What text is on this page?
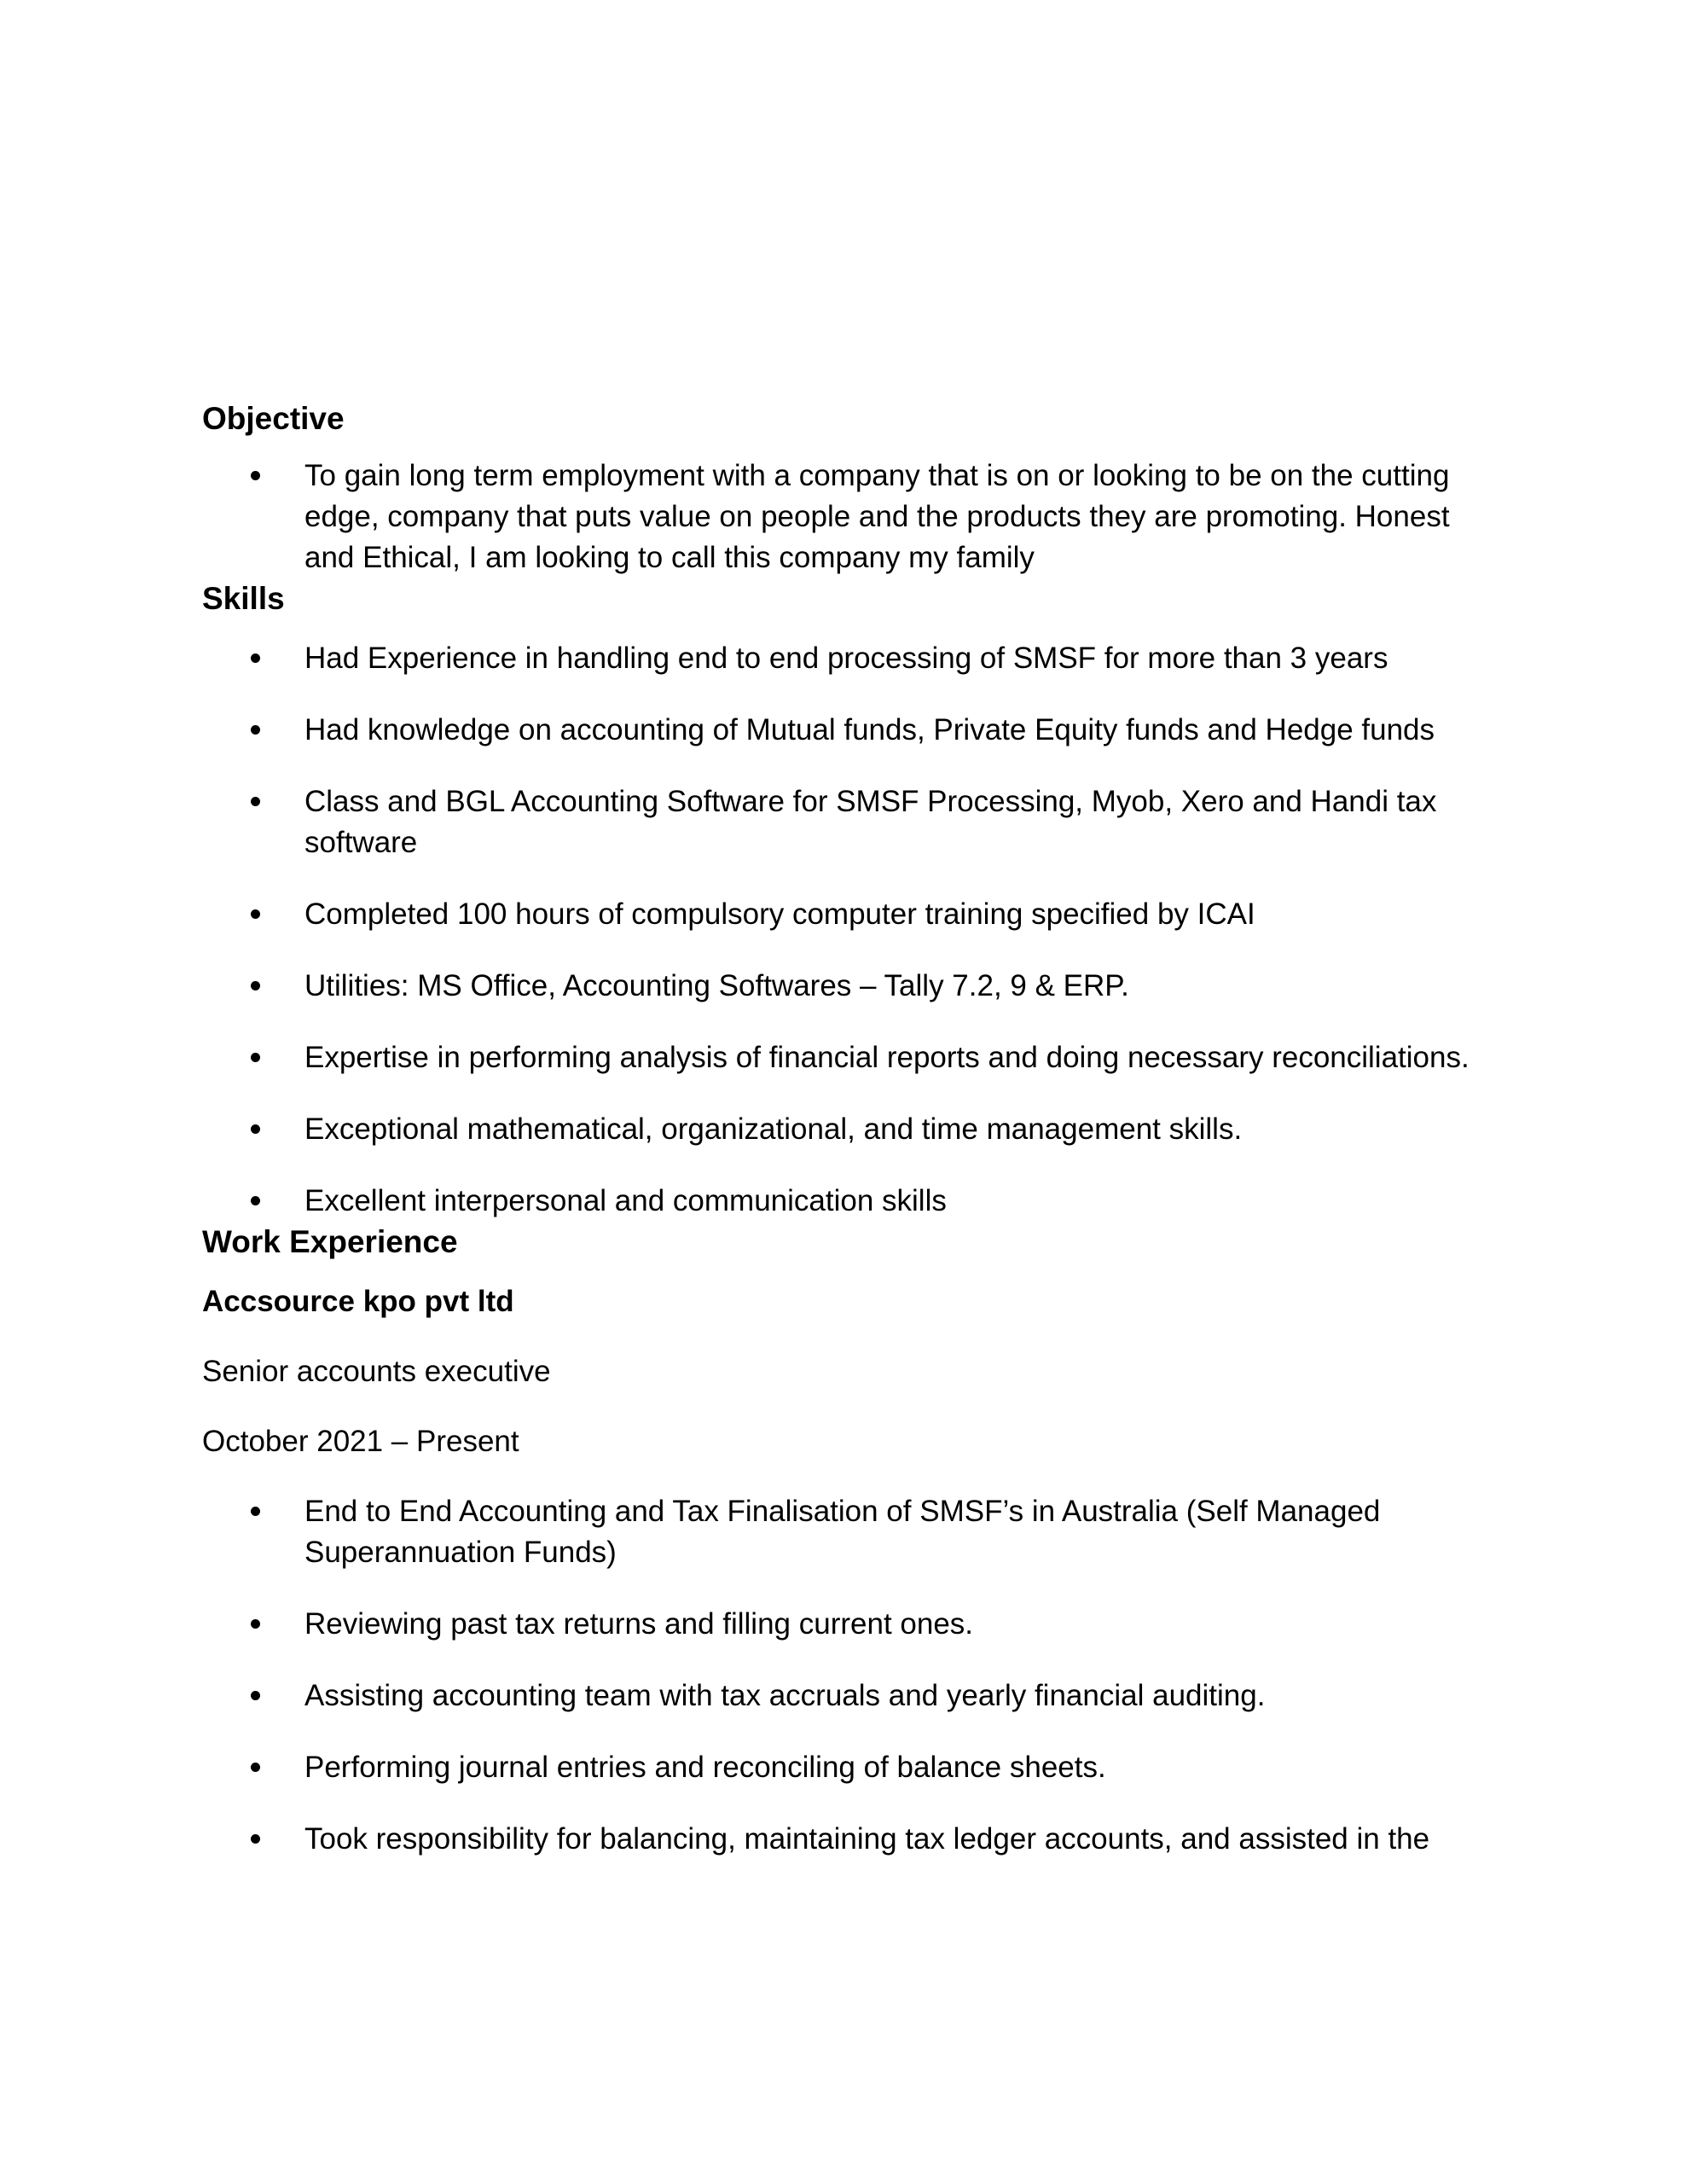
Objective
To gain long term employment with a company that is on or looking to be on the cutting edge, company that puts value on people and the products they are promoting. Honest and Ethical, I am looking to call this company my family
Skills
Had Experience in handling end to end processing of SMSF for more than 3 years
Had knowledge on accounting of Mutual funds, Private Equity funds and Hedge funds
Class and BGL Accounting Software for SMSF Processing, Myob, Xero and Handi tax software
Completed 100 hours of compulsory computer training specified by ICAI
Utilities: MS Office, Accounting Softwares – Tally 7.2, 9 & ERP.
Expertise in performing analysis of financial reports and doing necessary reconciliations.
Exceptional mathematical, organizational, and time management skills.
Excellent interpersonal and communication skills
Work Experience
Accsource kpo pvt ltd

Senior accounts executive

October 2021 – Present

End to End Accounting and Tax Finalisation of SMSF’s in Australia (Self Managed Superannuation Funds)
Reviewing past tax returns and filling current ones.
Assisting accounting team with tax accruals and yearly financial auditing.
Performing journal entries and reconciling of balance sheets.
Took responsibility for balancing, maintaining tax ledger accounts, and assisted in the
